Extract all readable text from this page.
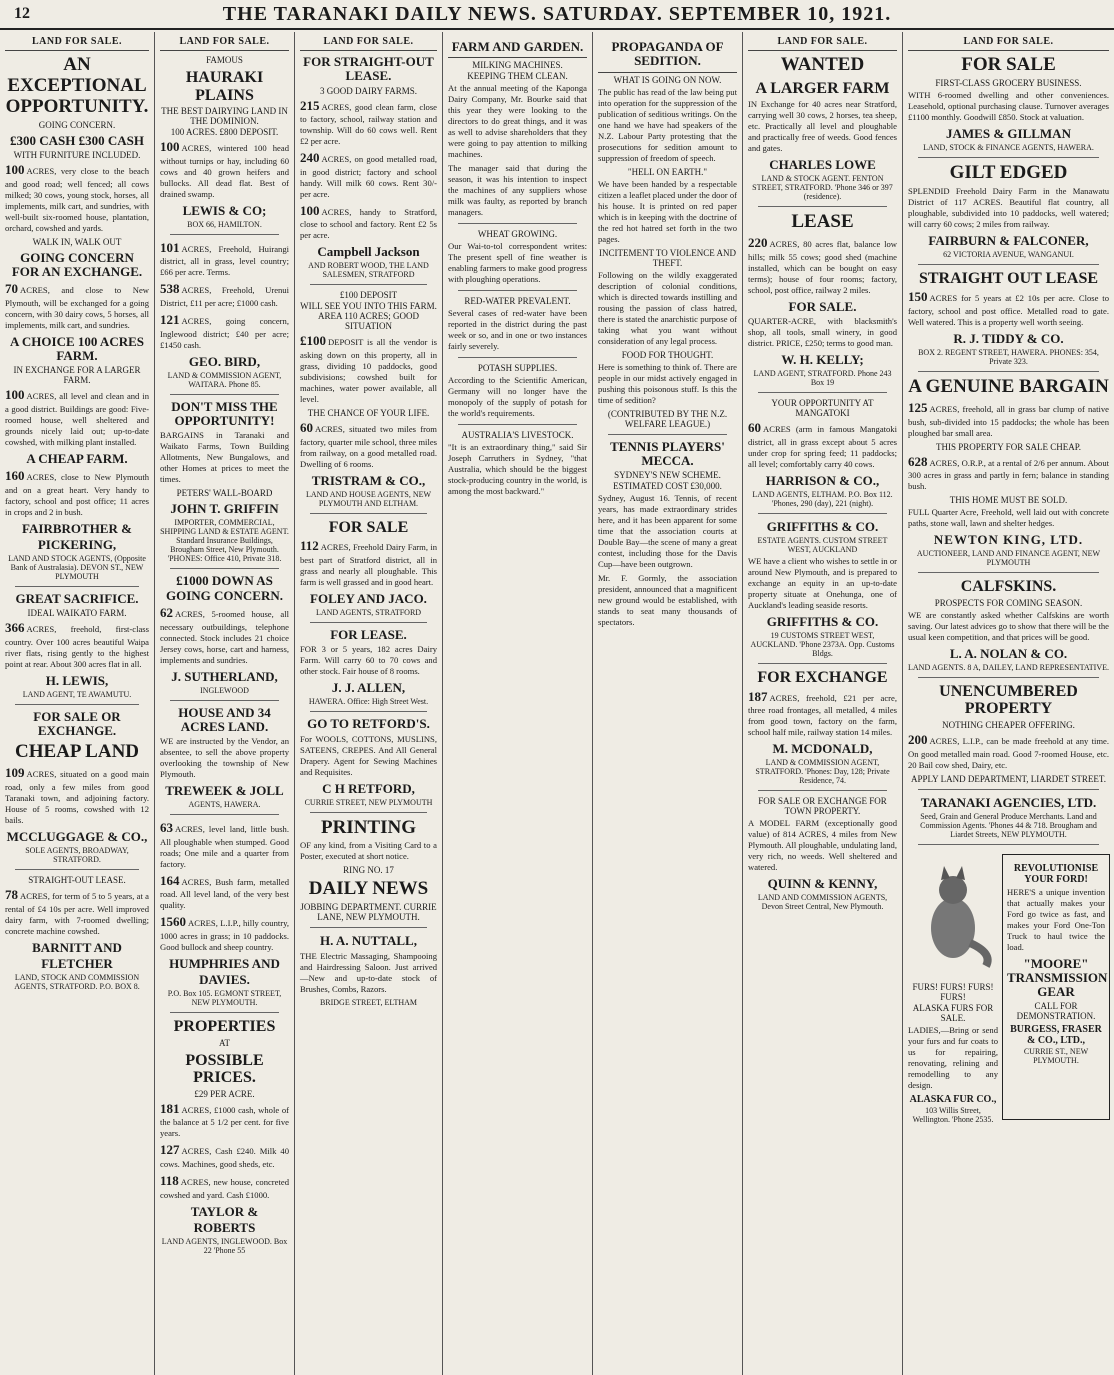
12	THE TARANAKI DAILY NEWS. SATURDAY. SEPTEMBER 10, 1921.
LAND FOR SALE.
AN EXCEPTIONAL OPPORTUNITY.
GOING CONCERN.
£300 CASH £300 CASH
WITH FURNITURE INCLUDED.
100 ACRES, very close to the beach and good road; well fenced; all cows milked; 30 cows, young stock, horses, all implements, milk cart, and sundries, with well-built six-roomed house, plantation, orchard, cowshed and yards.
WALK IN, WALK OUT
GOING CONCERN FOR AN EXCHANGE.
70 ACRES, and close to New Plymouth, will be exchanged for a going concern, with 30 dairy cows, 5 horses, all implements, milk cart, and sundries.
A CHOICE 100 ACRES FARM.
IN EXCHANGE FOR A LARGER FARM.
100 ACRES, all level and clean and in a good district. Buildings are good: Five-roomed house, well sheltered and grounds nicely laid out; up-to-date cowshed, with milking plant installed.
A CHEAP FARM.
160 ACRES, close to New Plymouth and on a great heart. Very handy to factory, school and post office; 11 acres in crops and 2 in bush.
FAIRBROTHER & PICKERING,
LAND AND STOCK AGENTS, (Opposite Bank of Australasia). DEVON ST., NEW PLYMOUTH
GREAT SACRIFICE.
IDEAL WAIKATO FARM.
366 ACRES, freehold, first-class country. Over 100 acres beautiful Waipa river flats, rising gently to the highest point at rear. About 300 acres flat in all.
H. LEWIS,
LAND AGENT, TE AWAMUTU.
FOR SALE OR EXCHANGE.
CHEAP LAND
109 ACRES, situated on a good main road, only a few miles from good Taranaki town, and adjoining factory. House of 5 rooms, cowshed with 12 bails.
MCCLUGGAGE & CO.,
SOLE AGENTS, BROADWAY, STRATFORD.
STRAIGHT-OUT LEASE.
78 ACRES, for term of 5 to 5 years, at a rental of £4 10s per acre. Well improved dairy farm, with 7-roomed dwelling; concrete machine cowshed.
BARNITT AND FLETCHER
LAND, STOCK AND COMMISSION AGENTS, STRATFORD. P.O. BOX 8.
LAND FOR SALE.
FAMOUS
HAURAKI PLAINS
THE BEST DAIRYING LAND IN THE DOMINION.
100 ACRES. £800 DEPOSIT.
100 ACRES, wintered 100 head without turnips or hay, including 60 cows and 40 grown heifers and bullocks. All dead flat. Best of drained swamp.
LEWIS & CO;
BOX 66, HAMILTON.
101 ACRES, Freehold, Huirangi district, all in grass, level country; £66 per acre. Terms.
538 ACRES, Freehold, Urenui District, £11 per acre; £1000 cash.
121 ACRES, going concern, Inglewood district; £40 per acre; £1450 cash.
GEO. BIRD,
LAND & COMMISSION AGENT, WAITARA. Phone 85.
DON'T MISS THE OPPORTUNITY!
BARGAINS in Taranaki and Waikato Farms, Town Building Allotments, New Bungalows, and other Homes at prices to meet the times.
PETERS' WALL-BOARD
JOHN T. GRIFFIN
IMPORTER, COMMERCIAL, SHIPPING LAND & ESTATE AGENT. Standard Insurance Buildings, Brougham Street, New Plymouth. 'PHONES: Office 410, Private 318.
£1000 DOWN AS GOING CONCERN.
62 ACRES, 5-roomed house, all necessary outbuildings, telephone connected. Stock includes 21 choice Jersey cows, horse, cart and harness, implements and sundries.
J. SUTHERLAND,
INGLEWOOD
HOUSE AND 34 ACRES LAND.
WE are instructed by the Vendor, an absentee, to sell the above property overlooking the township of New Plymouth.
TREWEEK & JOLL
AGENTS, HAWERA.
63 ACRES, level land, little bush. All ploughable when stumped. Good roads; One mile and a quarter from factory.
164 ACRES, Bush farm, metalled road. All level land, of the very best quality.
1560 ACRES, L.I.P., hilly country, 1000 acres in grass; in 10 paddocks. Good bullock and sheep country.
HUMPHRIES AND DAVIES.
P.O. Box 105. EGMONT STREET, NEW PLYMOUTH.
PROPERTIES
AT
POSSIBLE PRICES.
£29 PER ACRE.
181 ACRES, £1000 cash, whole of the balance at 5 1/2 per cent. for five years.
127 ACRES, Cash £240. Milk 40 cows. Machines, good sheds, etc.
118 ACRES, new house, concreted cowshed and yard. Cash £1000.
TAYLOR & ROBERTS
LAND AGENTS, INGLEWOOD. Box 22 'Phone 55
LAND FOR SALE.
FOR STRAIGHT-OUT LEASE.
3 GOOD DAIRY FARMS.
215 ACRES, good clean farm, close to factory, school, railway station and township. Will do 60 cows well. Rent £2 per acre.
240 ACRES, on good metalled road, in good district; factory and school handy. Will milk 60 cows. Rent 30/- per acre.
100 ACRES, handy to Stratford, close to school and factory. Rent £2 5s per acre.
Campbell Jackson
AND ROBERT WOOD, THE LAND SALESMEN, STRATFORD
£100 DEPOSIT
WILL SEE YOU INTO THIS FARM. AREA 110 ACRES; GOOD SITUATION
£100 DEPOSIT is all the vendor is asking down on this property, all in grass, dividing 10 paddocks, good subdivisions; cowshed built for machines, water power available, all level.
THE CHANCE OF YOUR LIFE.
60 ACRES, situated two miles from factory, quarter mile school, three miles from railway, on a good metalled road. Dwelling of 6 rooms.
TRISTRAM & CO.,
LAND AND HOUSE AGENTS, NEW PLYMOUTH AND ELTHAM.
FOR SALE
112 ACRES, Freehold Dairy Farm, in best part of Stratford district, all in grass and nearly all ploughable. This farm is well grassed and in good heart.
FOLEY AND JACO.
LAND AGENTS, STRATFORD
FOR LEASE.
FOR 3 or 5 years, 182 acres Dairy Farm. Will carry 60 to 70 cows and other stock. Fair house of 8 rooms.
J. J. ALLEN,
HAWERA. Office: High Street West.
GO TO RETFORD'S.
For WOOLS, COTTONS, MUSLINS, SATEENS, CREPES. And All General Drapery. Agent for Sewing Machines and Requisites.
C H RETFORD,
CURRIE STREET, NEW PLYMOUTH
PRINTING
OF any kind, from a Visiting Card to a Poster, executed at short notice.
RING NO. 17
DAILY NEWS
JOBBING DEPARTMENT. CURRIE LANE, NEW PLYMOUTH.
H. A. NUTTALL,
THE Electric Massaging, Shampooing and Hairdressing Saloon. Just arrived—New and up-to-date stock of Brushes, Combs, Razors.
BRIDGE STREET, ELTHAM
FARM AND GARDEN.
MILKING MACHINES.
KEEPING THEM CLEAN.
At the annual meeting of the Kaponga Dairy Company, Mr. Bourke said that this year they were looking to the directors to do great things, and it was as well to advise shareholders that they were going to pay attention to milking machines.
The manager said that during the season, it was his intention to inspect the machines of any suppliers whose milk was faulty, as reported by branch managers.
WHEAT GROWING.
Our Wai-to-tol correspondent writes: The present spell of fine weather is enabling farmers to make good progress with ploughing operations.
RED-WATER PREVALENT.
Several cases of red-water have been reported in the district during the past week or so, and in one or two instances fairly severely.
POTASH SUPPLIES.
According to the Scientific American, Germany will no longer have the monopoly of the supply of potash for the world's requirements.
AUSTRALIA'S LIVESTOCK.
"It is an extraordinary thing," said Sir Joseph Carruthers in Sydney, "that Australia, which should be the biggest stock-producing country in the world, is among the most backward."
PROPAGANDA OF SEDITION.
WHAT IS GOING ON NOW.
The public has read of the law being put into operation for the suppression of the publication of seditious writings. On the one hand we have had speakers of the N.Z. Labour Party protesting that the prosecutions for sedition amount to suppression of freedom of speech.
"HELL ON EARTH."
We have been handed by a respectable citizen a leaflet placed under the door of his house. It is printed on red paper which is in keeping with the doctrine of the red hot hatred set forth in the two pages.
INCITEMENT TO VIOLENCE AND THEFT.
Following on the wildly exaggerated description of colonial conditions, which is directed towards instilling and rousing the passion of class hatred, there is stated the anarchistic purpose of taking what you want without consideration of any legal process.
FOOD FOR THOUGHT.
Here is something to think of. There are people in our midst actively engaged in pushing this poisonous stuff. Is this the time of sedition?
(CONTRIBUTED BY THE N.Z. WELFARE LEAGUE.)
TENNIS PLAYERS' MECCA.
SYDNEY'S NEW SCHEME.
ESTIMATED COST £30,000.
Sydney, August 16. Tennis, of recent years, has made extraordinary strides here, and it has been apparent for some time that the association courts at Double Bay—the scene of many a great contest, including those for the Davis Cup—have been outgrown.
Mr. F. Gormly, the association president, announced that a magnificent new ground would be established, with stands to seat many thousands of spectators.
LAND FOR SALE.
WANTED
A LARGER FARM
IN Exchange for 40 acres near Stratford, carrying well 30 cows, 2 horses, tea sheep, etc. Practically all level and ploughable and practically free of weeds. Good fences and gates.
CHARLES LOWE
LAND & STOCK AGENT. FENTON STREET, STRATFORD. 'Phone 346 or 397 (residence).
LEASE
220 ACRES, 80 acres flat, balance low hills; milk 55 cows; good shed (machine installed, which can be bought on easy terms); house of four rooms; factory, school, post office, railway 2 miles.
FOR SALE.
QUARTER-ACRE, with blacksmith's shop, all tools, small winery, in good district. PRICE, £250; terms to good man.
W. H. KELLY;
LAND AGENT, STRATFORD. Phone 243 Box 19
YOUR OPPORTUNITY AT MANGATOKI
60 ACRES (arm in famous Mangatoki district, all in grass except about 5 acres under crop for spring feed; 11 paddocks; all level; comfortably carry 40 cows.
HARRISON & CO.,
LAND AGENTS, ELTHAM. P.O. Box 112. 'Phones, 290 (day), 221 (night).
GRIFFITHS & CO.
ESTATE AGENTS. CUSTOM STREET WEST, AUCKLAND
WE have a client who wishes to settle in or around New Plymouth, and is prepared to exchange an equity in an up-to-date property situate at Onehunga, one of Auckland's leading seaside resorts.
GRIFFITHS & CO.
19 CUSTOMS STREET WEST, AUCKLAND. 'Phone 2373A. Opp. Customs Bldgs.
FOR EXCHANGE
187 ACRES, freehold, £21 per acre, three road frontages, all metalled, 4 miles from good town, factory on the farm, school half mile, railway station 14 miles.
M. MCDONALD,
LAND & COMMISSION AGENT, STRATFORD. 'Phones: Day, 128; Private Residence, 74.
FOR SALE OR EXCHANGE FOR TOWN PROPERTY.
A MODEL FARM (exceptionally good value) of 814 ACRES, 4 miles from New Plymouth. All ploughable, undulating land, very rich, no weeds. Well sheltered and watered.
QUINN & KENNY,
LAND AND COMMISSION AGENTS, Devon Street Central, New Plymouth.
LAND FOR SALE.
FOR SALE
FIRST-CLASS GROCERY BUSINESS.
WITH 6-roomed dwelling and other conveniences. Leasehold, optional purchasing clause. Turnover averages £1100 monthly. Goodwill £850. Stock at valuation.
JAMES & GILLMAN
LAND, STOCK & FINANCE AGENTS, HAWERA.
GILT EDGED
SPLENDID Freehold Dairy Farm in the Manawatu District of 117 ACRES. Beautiful flat country, all ploughable, subdivided into 10 paddocks, well watered; will carry 60 cows; 2 miles from railway.
FAIRBURN & FALCONER,
62 VICTORIA AVENUE, WANGANUI.
STRAIGHT OUT LEASE
150 ACRES for 5 years at £2 10s per acre. Close to factory, school and post office. Metalled road to gate. Well watered. This is a property well worth seeing.
R. J. TIDDY & CO.
BOX 2. REGENT STREET, HAWERA. PHONES: 354, Private 323.
A GENUINE BARGAIN
125 ACRES, freehold, all in grass bar clump of native bush, sub-divided into 15 paddocks; the whole has been ploughed bar small area.
THIS PROPERTY FOR SALE CHEAP.
628 ACRES, O.R.P., at a rental of 2/6 per annum. About 300 acres in grass and partly in fern; balance in standing bush.
THIS HOME MUST BE SOLD.
FULL Quarter Acre, Freehold, well laid out with concrete paths, stone wall, lawn and shelter hedges.
NEWTON KING, LTD.
AUCTIONEER, LAND AND FINANCE AGENT, NEW PLYMOUTH
CALFSKINS.
PROSPECTS FOR COMING SEASON.
WE are constantly asked whether Calfskins are worth saving. Our latest advices go to show that there will be the usual keen competition, and that prices will be good.
L. A. NOLAN & CO.
LAND AGENTS. 8 A, DAILEY, LAND REPRESENTATIVE.
UNENCUMBERED PROPERTY
NOTHING CHEAPER OFFERING.
200 ACRES, L.I.P., can be made freehold at any time. On good metalled main road. Good 7-roomed House, etc. 20 Bail cow shed, Dairy, etc.
APPLY LAND DEPARTMENT, LIARDET STREET.
TARANAKI AGENCIES, LTD.
Seed, Grain and General Produce Merchants. Land and Commission Agents. 'Phones 44 & 718. Brougham and Liardet Streets, NEW PLYMOUTH.
FURS! FURS! FURS! FURS!
ALASKA FURS FOR SALE.
LADIES,—Bring or send your furs and fur coats to us for repairing, renovating, relining and remodelling to any design.
ALASKA FUR CO.,
103 Willis Street, Wellington. 'Phone 2535.
REVOLUTIONISE YOUR FORD!
HERE'S a unique invention that actually makes your Ford go twice as fast, and makes your Ford One-Ton Truck to haul twice the load.
"MOORE" TRANSMISSION GEAR
CALL FOR DEMONSTRATION.
BURGESS, FRASER & CO., LTD.,
CURRIE ST., NEW PLYMOUTH.
